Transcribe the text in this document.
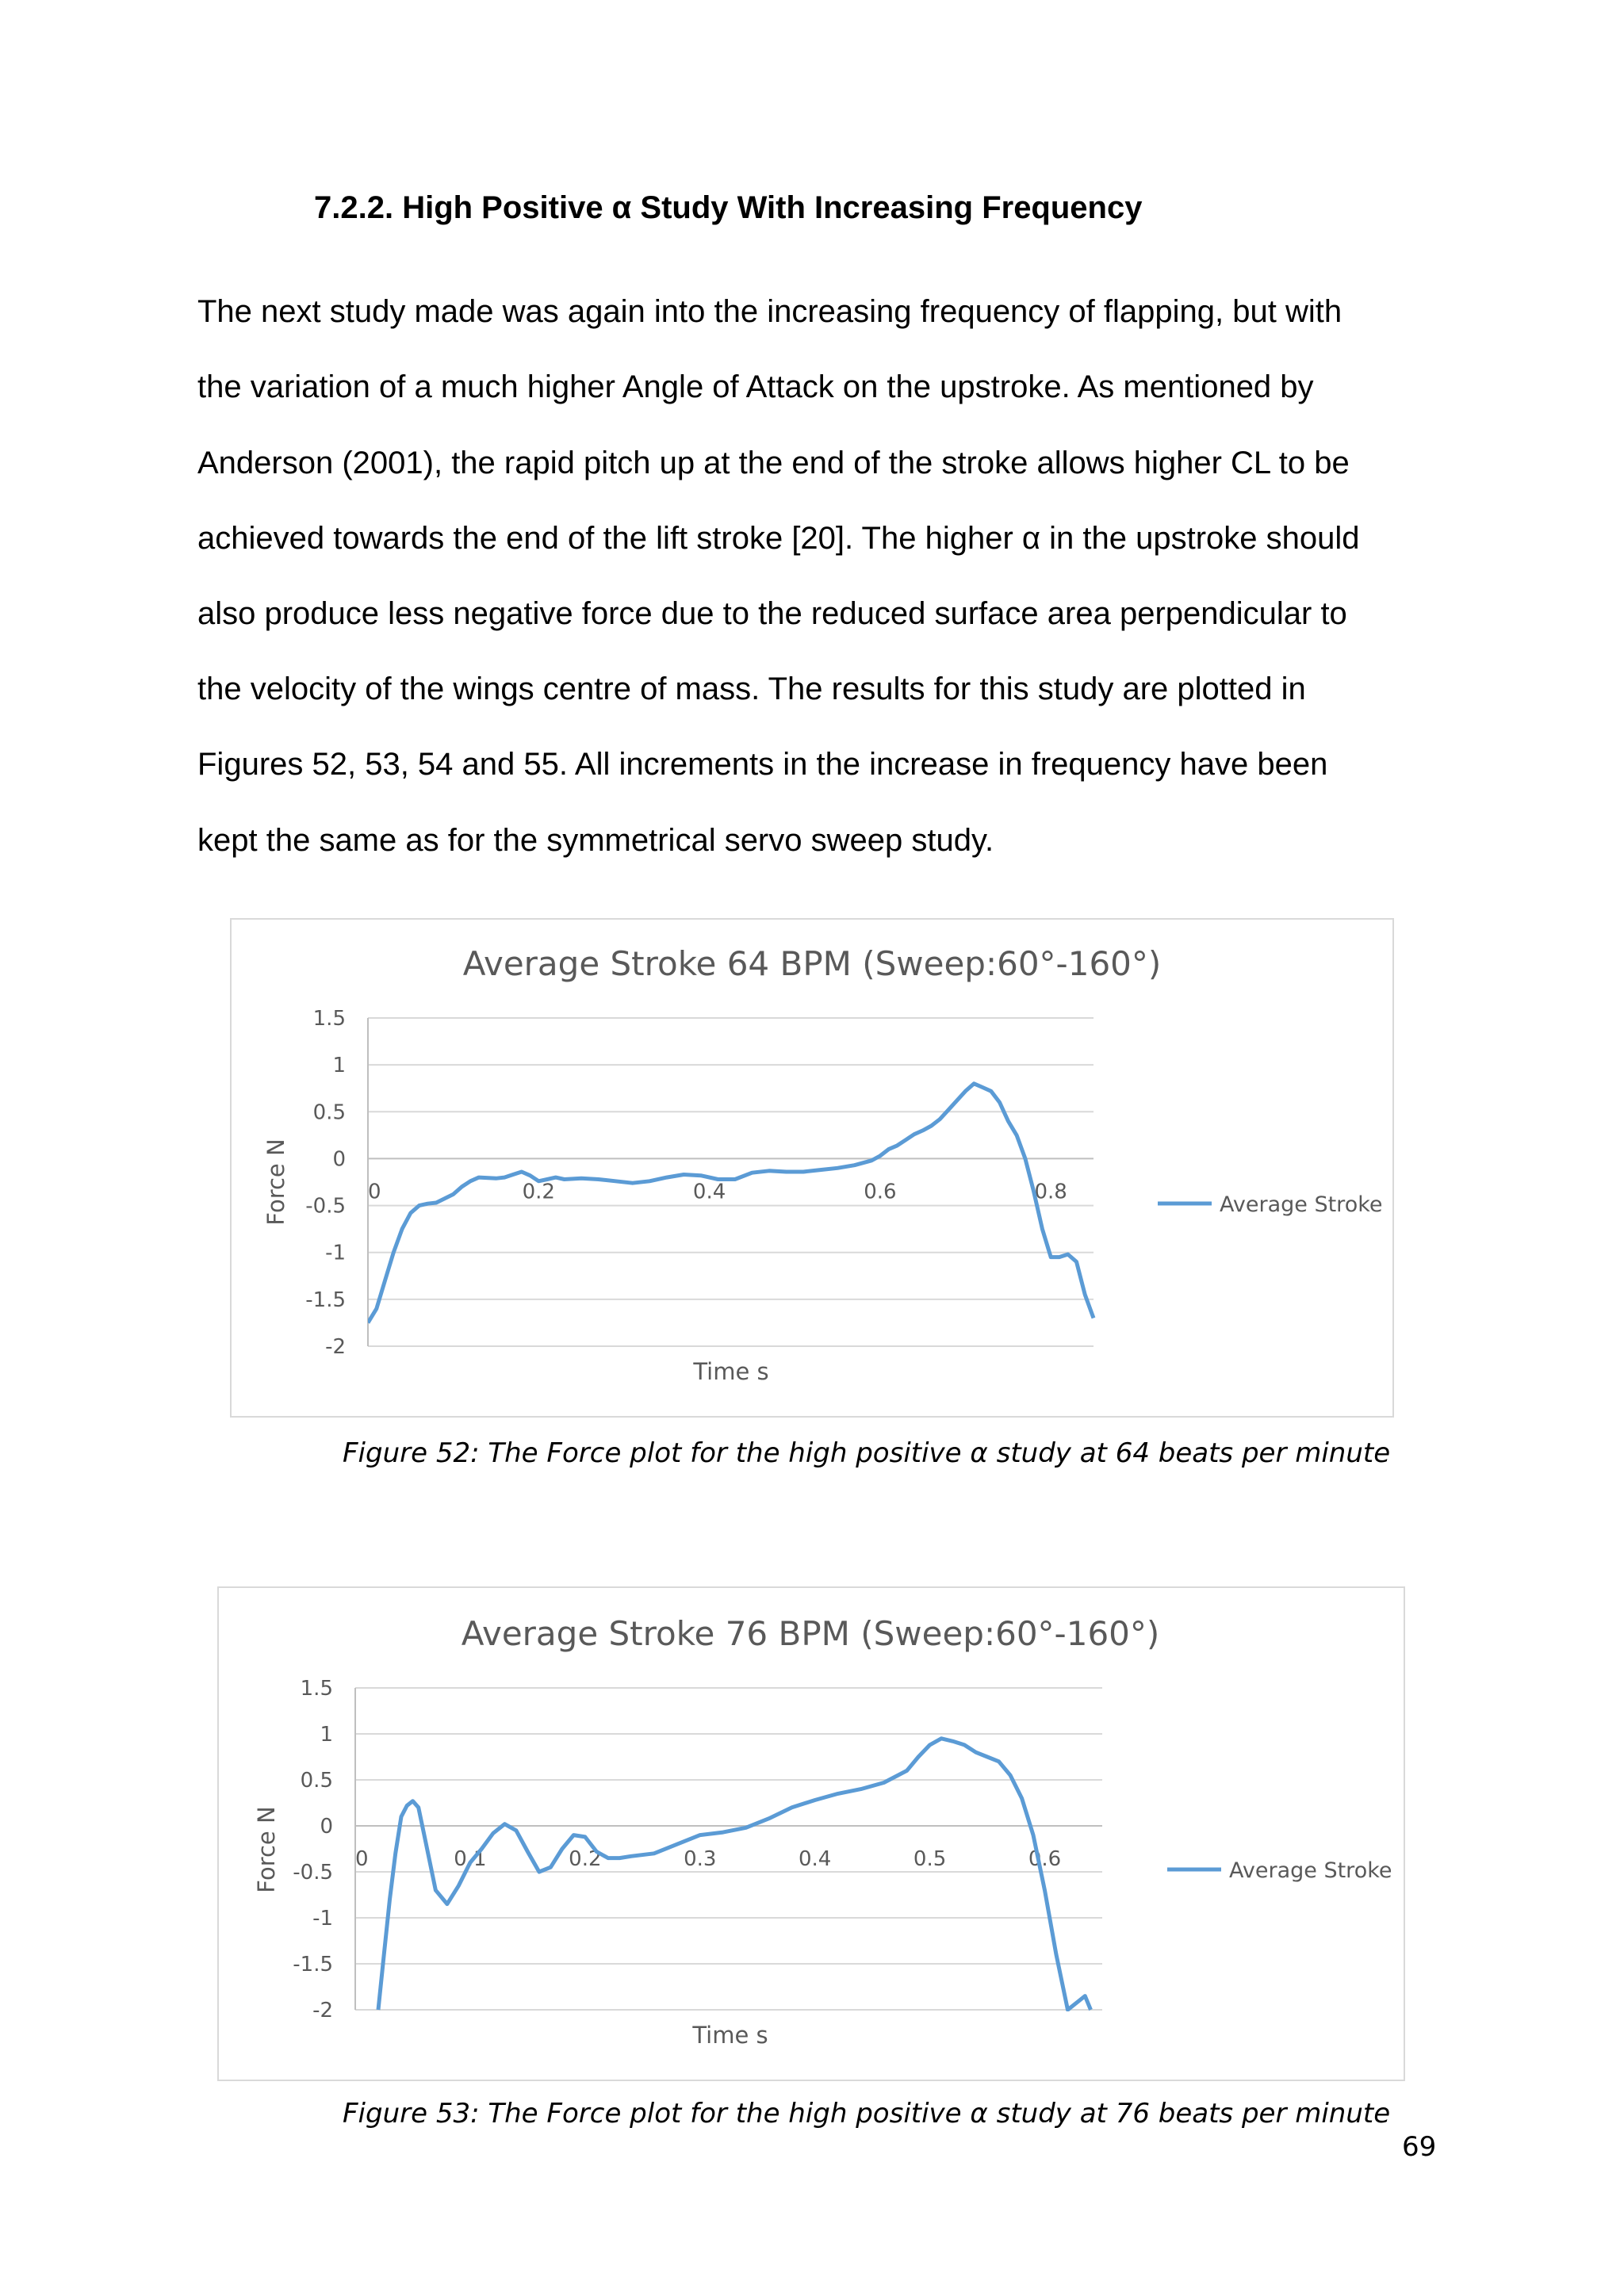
7.2.2. High Positive α Study With Increasing Frequency
The next study made was again into the increasing frequency of flapping, but with
the variation of a much higher Angle of Attack on the upstroke. As mentioned by
Anderson (2001), the rapid pitch up at the end of the stroke allows higher CL to be
achieved towards the end of the lift stroke [20]. The higher α in the upstroke should
also produce less negative force due to the reduced surface area perpendicular to
the velocity of the wings centre of mass. The results for this study are plotted in
Figures 52, 53, 54 and 55. All increments in the increase in frequency have been
kept the same as for the symmetrical servo sweep study.
Average Stroke 64 BPM (Sweep:60°-160°)
1.5
1
0.5
0
-0.5
-1
-1.5
-2
0	0.2	0.4	0.6	0.8
Time s
Force N	Average Stroke
Figure 52: The Force plot for the high positive α study at 64 beats per minute
Average Stroke 76 BPM (Sweep:60°-160°)
1.5
1
0.5
0
-0.5
-1
-1.5
-2
0	0.1	0.2	0.3	0.4	0.5	0.6
Time s
Force N	Average Stroke
Figure 53: The Force plot for the high positive α study at 76 beats per minute
69
